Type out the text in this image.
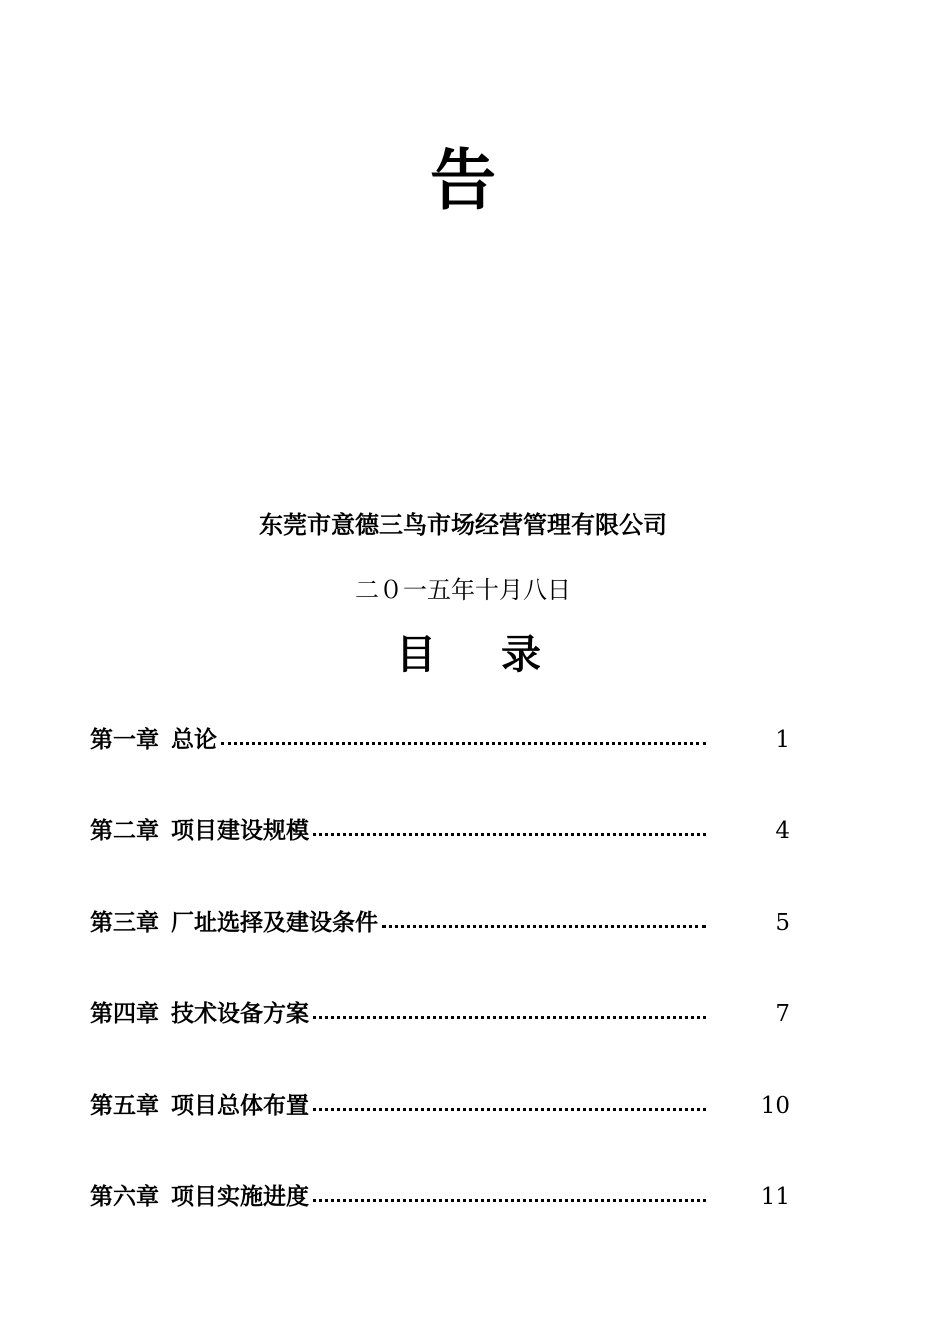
告
东莞市意德三鸟市场经营管理有限公司
二０一五年十月八日
目 录
第一章 总论	1
第二章 项目建设规模	4
第三章 厂址选择及建设条件	5
第四章 技术设备方案	7
第五章 项目总体布置	10
第六章 项目实施进度	11
